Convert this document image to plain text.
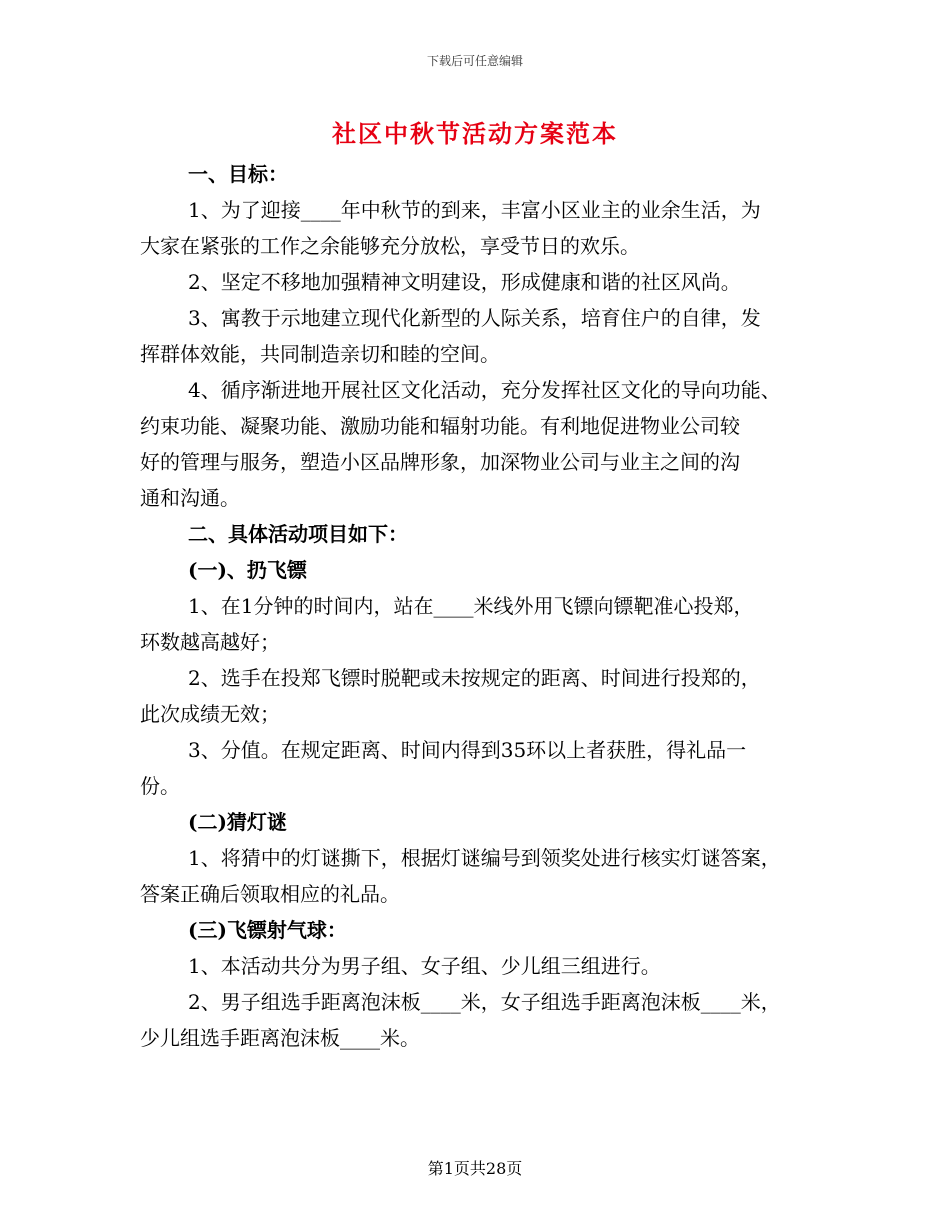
下载后可任意编辑
社区中秋节活动方案范本
一、目标：
1、为了迎接____年中秋节的到来，丰富小区业主的业余生活，为
大家在紧张的工作之余能够充分放松，享受节日的欢乐。
2、坚定不移地加强精神文明建设，形成健康和谐的社区风尚。
3、寓教于示地建立现代化新型的人际关系，培育住户的自律，发
挥群体效能，共同制造亲切和睦的空间。
4、循序渐进地开展社区文化活动，充分发挥社区文化的导向功能、
约束功能、凝聚功能、激励功能和辐射功能。有利地促进物业公司较
好的管理与服务，塑造小区品牌形象，加深物业公司与业主之间的沟
通和沟通。
二、具体活动项目如下：
(一)、扔飞镖
1、在1分钟的时间内，站在____米线外用飞镖向镖靶准心投郑，
环数越高越好；
2、选手在投郑飞镖时脱靶或未按规定的距离、时间进行投郑的，
此次成绩无效；
3、分值。在规定距离、时间内得到35环以上者获胜，得礼品一
份。
(二)猜灯谜
1、将猜中的灯谜撕下，根据灯谜编号到领奖处进行核实灯谜答案，
答案正确后领取相应的礼品。
(三)飞镖射气球：
1、本活动共分为男子组、女子组、少儿组三组进行。
2、男子组选手距离泡沫板____米，女子组选手距离泡沫板____米，
少儿组选手距离泡沫板____米。
第1页共28页
